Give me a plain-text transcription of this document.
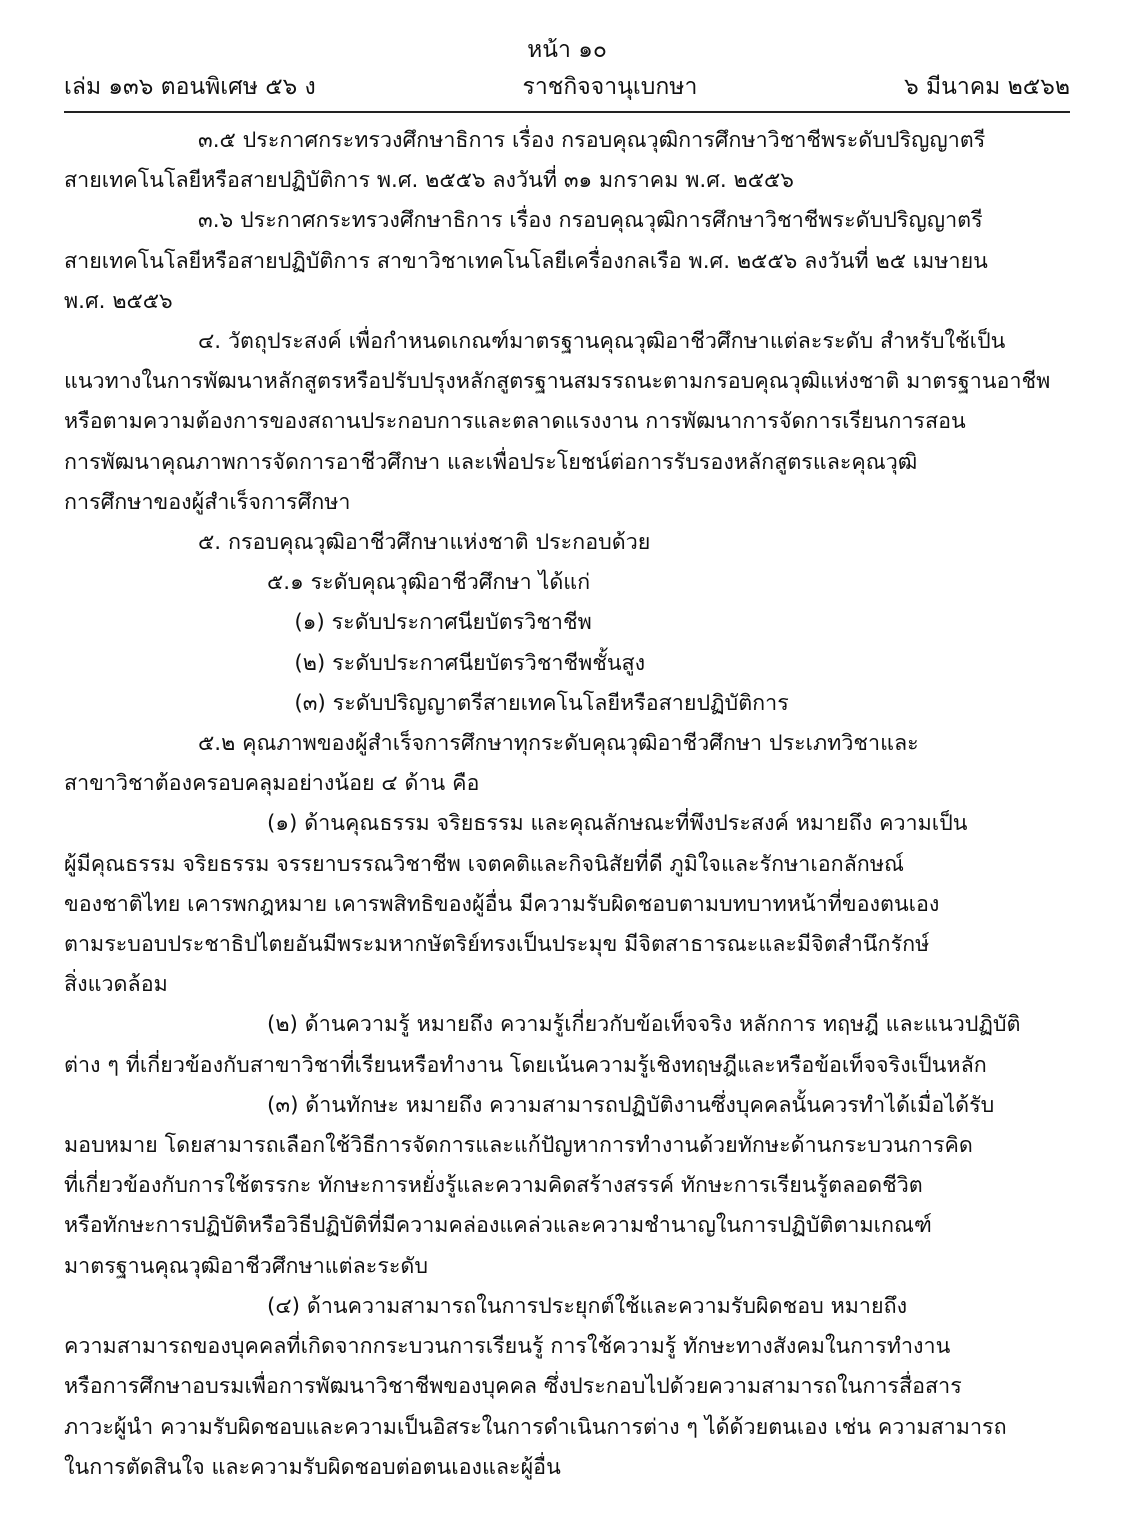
หน้า ๑๐
เล่ม ๑๓๖ ตอนพิเศษ ๕๖ ง	ราชกิจจานุเบกษา	๖ มีนาคม ๒๕๖๒
๓.๕ ประกาศกระทรวงศึกษาธิการ เรื่อง กรอบคุณวุฒิการศึกษาวิชาชีพระดับปริญญาตรี
สายเทคโนโลยีหรือสายปฏิบัติการ พ.ศ. ๒๕๕๖ ลงวันที่ ๓๑ มกราคม พ.ศ. ๒๕๕๖
๓.๖ ประกาศกระทรวงศึกษาธิการ เรื่อง กรอบคุณวุฒิการศึกษาวิชาชีพระดับปริญญาตรี
สายเทคโนโลยีหรือสายปฏิบัติการ สาขาวิชาเทคโนโลยีเครื่องกลเรือ พ.ศ. ๒๕๕๖ ลงวันที่ ๒๕ เมษายน
พ.ศ. ๒๕๕๖
๔. วัตถุประสงค์ เพื่อกำหนดเกณฑ์มาตรฐานคุณวุฒิอาชีวศึกษาแต่ละระดับ สำหรับใช้เป็น
แนวทางในการพัฒนาหลักสูตรหรือปรับปรุงหลักสูตรฐานสมรรถนะตามกรอบคุณวุฒิแห่งชาติ มาตรฐานอาชีพ
หรือตามความต้องการของสถานประกอบการและตลาดแรงงาน การพัฒนาการจัดการเรียนการสอน
การพัฒนาคุณภาพการจัดการอาชีวศึกษา และเพื่อประโยชน์ต่อการรับรองหลักสูตรและคุณวุฒิ
การศึกษาของผู้สำเร็จการศึกษา
๕. กรอบคุณวุฒิอาชีวศึกษาแห่งชาติ ประกอบด้วย
๕.๑ ระดับคุณวุฒิอาชีวศึกษา ได้แก่
(๑) ระดับประกาศนียบัตรวิชาชีพ
(๒) ระดับประกาศนียบัตรวิชาชีพชั้นสูง
(๓) ระดับปริญญาตรีสายเทคโนโลยีหรือสายปฏิบัติการ
๕.๒ คุณภาพของผู้สำเร็จการศึกษาทุกระดับคุณวุฒิอาชีวศึกษา ประเภทวิชาและ
สาขาวิชาต้องครอบคลุมอย่างน้อย ๔ ด้าน คือ
(๑) ด้านคุณธรรม จริยธรรม และคุณลักษณะที่พึงประสงค์ หมายถึง ความเป็น
ผู้มีคุณธรรม จริยธรรม จรรยาบรรณวิชาชีพ เจตคติและกิจนิสัยที่ดี ภูมิใจและรักษาเอกลักษณ์
ของชาติไทย เคารพกฎหมาย เคารพสิทธิของผู้อื่น มีความรับผิดชอบตามบทบาทหน้าที่ของตนเอง
ตามระบอบประชาธิปไตยอันมีพระมหากษัตริย์ทรงเป็นประมุข มีจิตสาธารณะและมีจิตสำนึกรักษ์
สิ่งแวดล้อม
(๒) ด้านความรู้ หมายถึง ความรู้เกี่ยวกับข้อเท็จจริง หลักการ ทฤษฎี และแนวปฏิบัติ
ต่าง ๆ ที่เกี่ยวข้องกับสาขาวิชาที่เรียนหรือทำงาน โดยเน้นความรู้เชิงทฤษฎีและหรือข้อเท็จจริงเป็นหลัก
(๓) ด้านทักษะ หมายถึง ความสามารถปฏิบัติงานซึ่งบุคคลนั้นควรทำได้เมื่อได้รับ
มอบหมาย โดยสามารถเลือกใช้วิธีการจัดการและแก้ปัญหาการทำงานด้วยทักษะด้านกระบวนการคิด
ที่เกี่ยวข้องกับการใช้ตรรกะ ทักษะการหยั่งรู้และความคิดสร้างสรรค์ ทักษะการเรียนรู้ตลอดชีวิต
หรือทักษะการปฏิบัติหรือวิธีปฏิบัติที่มีความคล่องแคล่วและความชำนาญในการปฏิบัติตามเกณฑ์
มาตรฐานคุณวุฒิอาชีวศึกษาแต่ละระดับ
(๔) ด้านความสามารถในการประยุกต์ใช้และความรับผิดชอบ หมายถึง
ความสามารถของบุคคลที่เกิดจากกระบวนการเรียนรู้ การใช้ความรู้ ทักษะทางสังคมในการทำงาน
หรือการศึกษาอบรมเพื่อการพัฒนาวิชาชีพของบุคคล ซึ่งประกอบไปด้วยความสามารถในการสื่อสาร
ภาวะผู้นำ ความรับผิดชอบและความเป็นอิสระในการดำเนินการต่าง ๆ ได้ด้วยตนเอง เช่น ความสามารถ
ในการตัดสินใจ และความรับผิดชอบต่อตนเองและผู้อื่น
